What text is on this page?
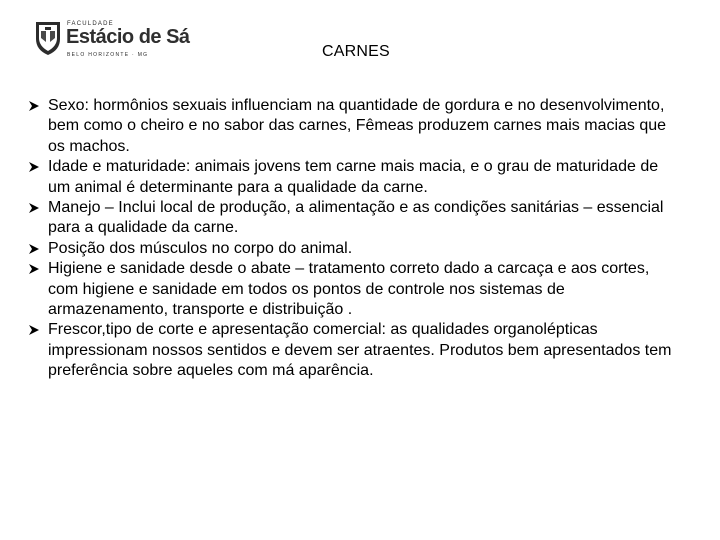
FACULDADE
Estácio de Sá
BELO HORIZONTE · MG	CARNES
Sexo: hormônios sexuais influenciam na quantidade de gordura e no desenvolvimento, bem como o cheiro e no sabor das carnes, Fêmeas produzem carnes mais macias que os machos.
Idade e maturidade: animais jovens tem carne mais macia, e o grau de maturidade de um animal é determinante para a qualidade da carne.
Manejo – Inclui local de produção, a alimentação e as condições sanitárias – essencial para a qualidade da carne.
Posição dos músculos no corpo do animal.
Higiene e sanidade desde o abate – tratamento correto dado a carcaça e aos cortes, com higiene e sanidade em todos os pontos de controle nos sistemas de armazenamento, transporte e distribuição .
Frescor,tipo de corte e apresentação comercial: as qualidades organolépticas impressionam nossos sentidos e devem ser atraentes. Produtos bem apresentados tem preferência sobre aqueles com má aparência.
